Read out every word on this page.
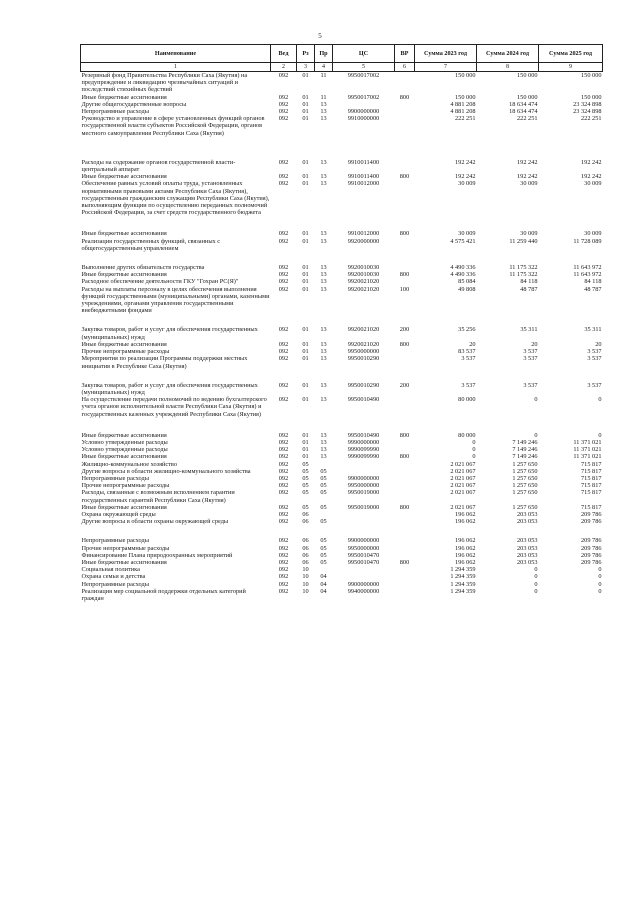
5
Наименование	Вед	Рз	Пр	ЦС	ВР	Сумма 2023 год	Сумма 2024 год	Сумма 2025 год
1	2	3	4	5	6	7	8	9
Резервный фонд Правительства Республики Саха (Якутия) на предупреждение и ликвидацию чрезвычайных ситуаций и последствий стихийных бедствий	092	01	11	9950017002		150 000	150 000	150 000
Иные бюджетные ассигнования	092	01	11	9950017002	800	150 000	150 000	150 000
Другие общегосударственные вопросы	092	01	13			4 881 208	18 634 474	23 324 898
Непрограммные расходы	092	01	13	9900000000		4 881 208	18 634 474	23 324 898
Руководство и управление в сфере установленных функций органов государственной власти субъектов Российской Федерации, органов местного самоуправления Республики Саха (Якутия)	092	01	13	9910000000		222 251	222 251	222 251
Расходы на содержание органов государственной власти- центральный аппарат	092	01	13	9910011400		192 242	192 242	192 242
Иные бюджетные ассигнования	092	01	13	9910011400	800	192 242	192 242	192 242
Обеспечение равных условий оплаты труда, установленных нормативными правовыми актами Республики Саха (Якутия), государственным гражданским служащим Республики Саха (Якутия), выполняющим функции по осуществлению переданных полномочий Российской Федерации, за счет средств государственного бюджета	092	01	13	9910012000		30 009	30 009	30 009
Иные бюджетные ассигнования	092	01	13	9910012000	800	30 009	30 009	30 009
Реализация государственных функций, связанных с общегосударственным управлением	092	01	13	9920000000		4 575 421	11 259 440	11 728 089
Выполнение других обязательств государства	092	01	13	9920010030		4 490 336	11 175 322	11 643 972
Иные бюджетные ассигнования	092	01	13	9920010030	800	4 490 336	11 175 322	11 643 972
Расходное обеспечение деятельности ГКУ "Гохран РС(Я)"	092	01	13	9920021020		85 084	84 118	84 118
Расходы на выплаты персоналу в целях обеспечения выполнения функций государственными (муниципальными) органами, казенными учреждениями, органами управления государственными внебюджетными фондами	092	01	13	9920021020	100	49 808	48 787	48 787
Закупка товаров, работ и услуг для обеспечения государственных (муниципальных) нужд	092	01	13	9920021020	200	35 256	35 311	35 311
Иные бюджетные ассигнования	092	01	13	9920021020	800	20	20	20
Прочие непрограммные расходы	092	01	13	9950000000		83 537	3 537	3 537
Мероприятия по реализации Программы поддержки местных инициатив в Республике Саха (Якутия)	092	01	13	9950010290		3 537	3 537	3 537
Закупка товаров, работ и услуг для обеспечения государственных (муниципальных) нужд	092	01	13	9950010290	200	3 537	3 537	3 537
На осуществление передачи полномочий по ведению бухгалтерского учета органов исполнительной власти Республики Саха (Якутия) и государственных казенных учреждений Республики Саха (Якутия)	092	01	13	9950010490		80 000	0	0
Иные бюджетные ассигнования	092	01	13	9950010490	800	80 000	0	0
Условно утвержденные расходы	092	01	13	9990000000		0	7 149 246	11 371 021
Условно утвержденные расходы	092	01	13	9990099990		0	7 149 246	11 371 021
Иные бюджетные ассигнования	092	01	13	9990099990	800	0	7 149 246	11 371 021
Жилищно-коммунальное хозяйство	092	05				2 021 067	1 257 650	715 817
Другие вопросы в области жилищно-коммунального хозяйства	092	05	05			2 021 067	1 257 650	715 817
Непрограммные расходы	092	05	05	9900000000		2 021 067	1 257 650	715 817
Прочие непрограммные расходы	092	05	05	9950000000		2 021 067	1 257 650	715 817
Расходы, связанные с возможным исполнением гарантии государственных гарантий Республики Саха (Якутия)	092	05	05	9950019000		2 021 067	1 257 650	715 817
Иные бюджетные ассигнования	092	05	05	9950019000	800	2 021 067	1 257 650	715 817
Охрана окружающей среды	092	06				196 062	203 053	209 786
Другие вопросы в области охраны окружающей среды	092	06	05			196 062	203 053	209 786
Непрограммные расходы	092	06	05	9900000000		196 062	203 053	209 786
Прочие непрограммные расходы	092	06	05	9950000000		196 062	203 053	209 786
Финансирование Плана природоохранных мероприятий	092	06	05	9950010470		196 062	203 053	209 786
Иные бюджетные ассигнования	092	06	05	9950010470	800	196 062	203 053	209 786
Социальная политика	092	10				1 294 359	0	0
Охрана семьи и детства	092	10	04			1 294 359	0	0
Непрограммные расходы	092	10	04	9900000000		1 294 359	0	0
Реализация мер социальной поддержки отдельных категорий граждан	092	10	04	9940000000		1 294 359	0	0
